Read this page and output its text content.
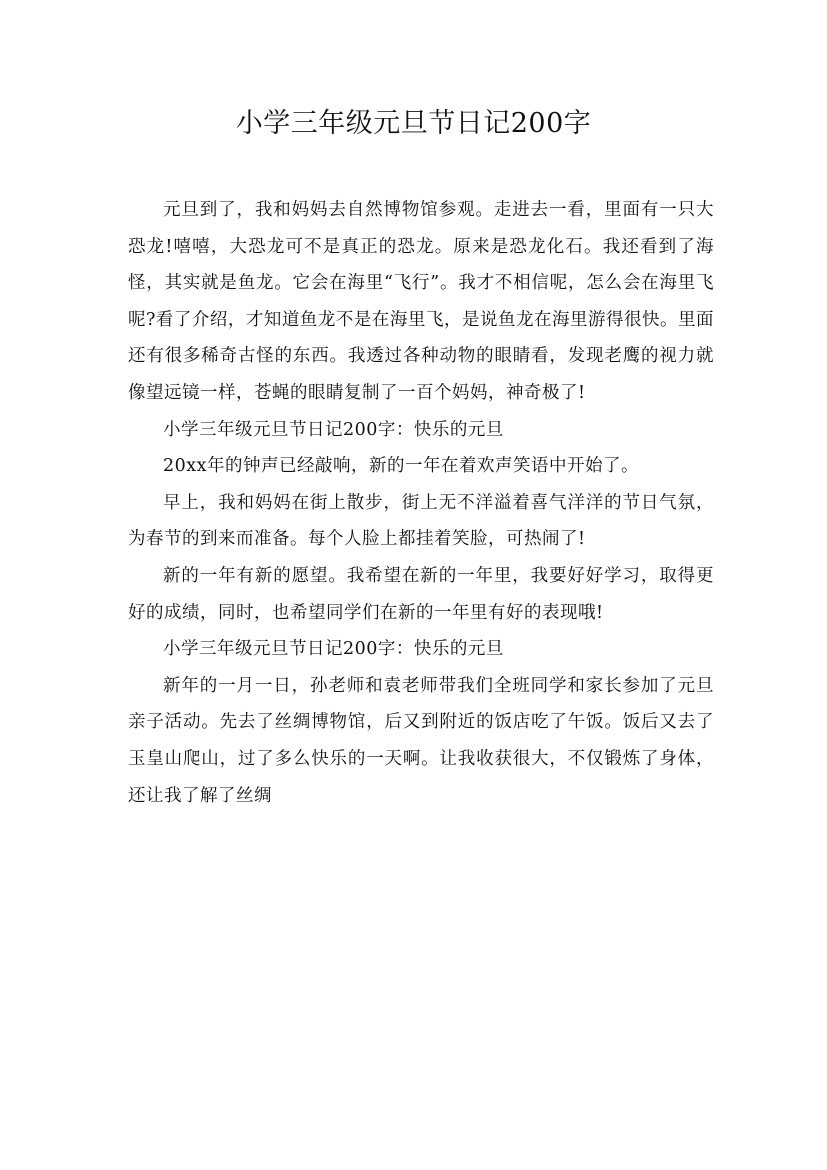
小学三年级元旦节日记200字

元旦到了，我和妈妈去自然博物馆参观。走进去一看，里面有一只大恐龙!嘻嘻，大恐龙可不是真正的恐龙。原来是恐龙化石。我还看到了海怪，其实就是鱼龙。它会在海里“飞行”。我才不相信呢，怎么会在海里飞呢?看了介绍，才知道鱼龙不是在海里飞，是说鱼龙在海里游得很快。里面还有很多稀奇古怪的东西。我透过各种动物的眼睛看，发现老鹰的视力就像望远镜一样，苍蝇的眼睛复制了一百个妈妈，神奇极了!

小学三年级元旦节日记200字：快乐的元旦

20xx年的钟声已经敲响，新的一年在着欢声笑语中开始了。

早上，我和妈妈在街上散步，街上无不洋溢着喜气洋洋的节日气氛，为春节的到来而准备。每个人脸上都挂着笑脸，可热闹了!

新的一年有新的愿望。我希望在新的一年里，我要好好学习，取得更好的成绩，同时，也希望同学们在新的一年里有好的表现哦!

小学三年级元旦节日记200字：快乐的元旦

新年的一月一日，孙老师和袁老师带我们全班同学和家长参加了元旦亲子活动。先去了丝绸博物馆，后又到附近的饭店吃了午饭。饭后又去了玉皇山爬山，过了多么快乐的一天啊。让我收获很大，不仅锻炼了身体，还让我了解了丝绸
